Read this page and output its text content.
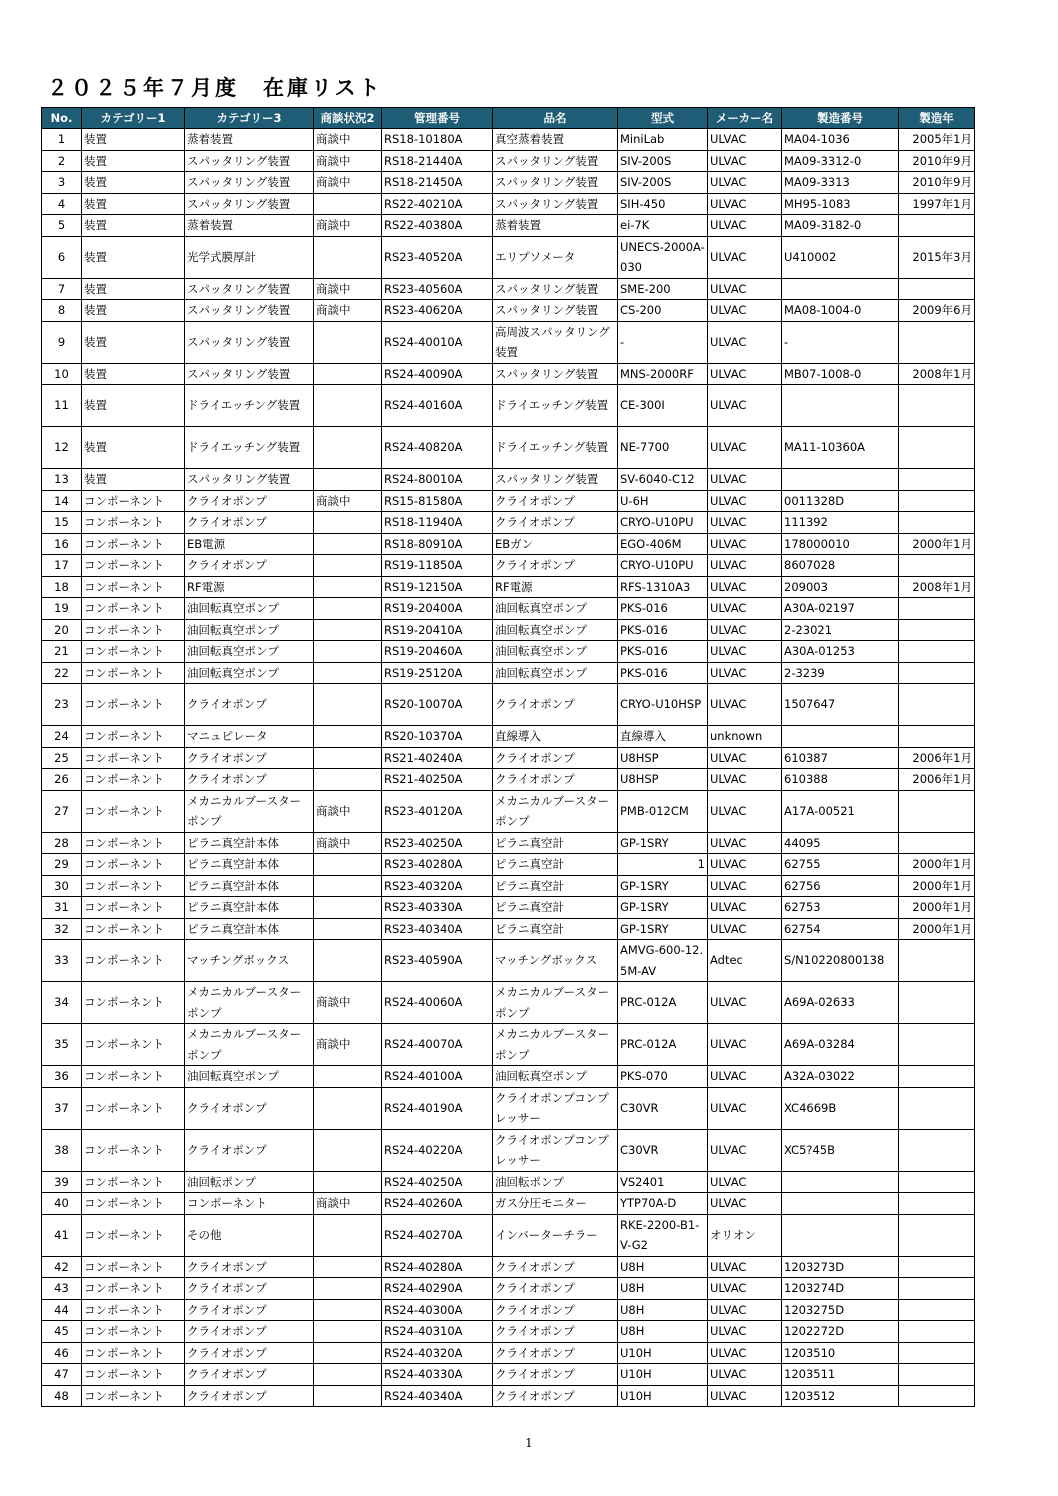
２０２５年７月度　在庫リスト
No.	カテゴリー1	カテゴリー3	商談状況2	管理番号	品名	型式	メーカー名	製造番号	製造年
1	装置	蒸着装置	商談中	RS18-10180A	真空蒸着装置	MiniLab	ULVAC	MA04-1036	2005年1月
2	装置	スパッタリング装置	商談中	RS18-21440A	スパッタリング装置	SIV-200S	ULVAC	MA09-3312-0	2010年9月
3	装置	スパッタリング装置	商談中	RS18-21450A	スパッタリング装置	SIV-200S	ULVAC	MA09-3313	2010年9月
4	装置	スパッタリング装置		RS22-40210A	スパッタリング装置	SIH-450	ULVAC	MH95-1083	1997年1月
5	装置	蒸着装置	商談中	RS22-40380A	蒸着装置	ei-7K	ULVAC	MA09-3182-0	
6	装置	光学式膜厚計		RS23-40520A	エリプソメータ	UNECS-2000A-030	ULVAC	U410002	2015年3月
7	装置	スパッタリング装置	商談中	RS23-40560A	スパッタリング装置	SME-200	ULVAC		
8	装置	スパッタリング装置	商談中	RS23-40620A	スパッタリング装置	CS-200	ULVAC	MA08-1004-0	2009年6月
9	装置	スパッタリング装置		RS24-40010A	高周波スパッタリング装置	-	ULVAC	-	
10	装置	スパッタリング装置		RS24-40090A	スパッタリング装置	MNS-2000RF	ULVAC	MB07-1008-0	2008年1月
11	装置	ドライエッチング装置		RS24-40160A	ドライエッチング装置	CE-300I	ULVAC		
12	装置	ドライエッチング装置		RS24-40820A	ドライエッチング装置	NE-7700	ULVAC	MA11-10360A	
13	装置	スパッタリング装置		RS24-80010A	スパッタリング装置	SV-6040-C12	ULVAC		
14	コンポーネント	クライオポンプ	商談中	RS15-81580A	クライオポンプ	U-6H	ULVAC	0011328D	
15	コンポーネント	クライオポンプ		RS18-11940A	クライオポンプ	CRYO-U10PU	ULVAC	111392	
16	コンポーネント	EB電源		RS18-80910A	EBガン	EGO-406M	ULVAC	178000010	2000年1月
17	コンポーネント	クライオポンプ		RS19-11850A	クライオポンプ	CRYO-U10PU	ULVAC	8607028	
18	コンポーネント	RF電源		RS19-12150A	RF電源	RFS-1310A3	ULVAC	209003	2008年1月
19	コンポーネント	油回転真空ポンプ		RS19-20400A	油回転真空ポンプ	PKS-016	ULVAC	A30A-02197	
20	コンポーネント	油回転真空ポンプ		RS19-20410A	油回転真空ポンプ	PKS-016	ULVAC	2-23021	
21	コンポーネント	油回転真空ポンプ		RS19-20460A	油回転真空ポンプ	PKS-016	ULVAC	A30A-01253	
22	コンポーネント	油回転真空ポンプ		RS19-25120A	油回転真空ポンプ	PKS-016	ULVAC	2-3239	
23	コンポーネント	クライオポンプ		RS20-10070A	クライオポンプ	CRYO-U10HSP	ULVAC	1507647	
24	コンポーネント	マニュピレータ		RS20-10370A	直線導入	直線導入	unknown		
25	コンポーネント	クライオポンプ		RS21-40240A	クライオポンプ	U8HSP	ULVAC	610387	2006年1月
26	コンポーネント	クライオポンプ		RS21-40250A	クライオポンプ	U8HSP	ULVAC	610388	2006年1月
27	コンポーネント	メカニカルブースターポンプ	商談中	RS23-40120A	メカニカルブースターポンプ	PMB-012CM	ULVAC	A17A-00521	
28	コンポーネント	ピラニ真空計本体	商談中	RS23-40250A	ピラニ真空計	GP-1SRY	ULVAC	44095	
29	コンポーネント	ピラニ真空計本体		RS23-40280A	ピラニ真空計	1	ULVAC	62755	2000年1月
30	コンポーネント	ピラニ真空計本体		RS23-40320A	ピラニ真空計	GP-1SRY	ULVAC	62756	2000年1月
31	コンポーネント	ピラニ真空計本体		RS23-40330A	ピラニ真空計	GP-1SRY	ULVAC	62753	2000年1月
32	コンポーネント	ピラニ真空計本体		RS23-40340A	ピラニ真空計	GP-1SRY	ULVAC	62754	2000年1月
33	コンポーネント	マッチングボックス		RS23-40590A	マッチングボックス	AMVG-600-12.5M-AV	Adtec	S/N10220800138	
34	コンポーネント	メカニカルブースターポンプ	商談中	RS24-40060A	メカニカルブースターポンプ	PRC-012A	ULVAC	A69A-02633	
35	コンポーネント	メカニカルブースターポンプ	商談中	RS24-40070A	メカニカルブースターポンプ	PRC-012A	ULVAC	A69A-03284	
36	コンポーネント	油回転真空ポンプ		RS24-40100A	油回転真空ポンプ	PKS-070	ULVAC	A32A-03022	
37	コンポーネント	クライオポンプ		RS24-40190A	クライオポンプコンプレッサー	C30VR	ULVAC	XC4669B	
38	コンポーネント	クライオポンプ		RS24-40220A	クライオポンプコンプレッサー	C30VR	ULVAC	XC5?45B	
39	コンポーネント	油回転ポンプ		RS24-40250A	油回転ポンプ	VS2401	ULVAC		
40	コンポーネント	コンポーネント	商談中	RS24-40260A	ガス分圧モニター	YTP70A-D	ULVAC		
41	コンポーネント	その他		RS24-40270A	インバーターチラー	RKE-2200-B1-V-G2	オリオン		
42	コンポーネント	クライオポンプ		RS24-40280A	クライオポンプ	U8H	ULVAC	1203273D	
43	コンポーネント	クライオポンプ		RS24-40290A	クライオポンプ	U8H	ULVAC	1203274D	
44	コンポーネント	クライオポンプ		RS24-40300A	クライオポンプ	U8H	ULVAC	1203275D	
45	コンポーネント	クライオポンプ		RS24-40310A	クライオポンプ	U8H	ULVAC	1202272D	
46	コンポーネント	クライオポンプ		RS24-40320A	クライオポンプ	U10H	ULVAC	1203510	
47	コンポーネント	クライオポンプ		RS24-40330A	クライオポンプ	U10H	ULVAC	1203511	
48	コンポーネント	クライオポンプ		RS24-40340A	クライオポンプ	U10H	ULVAC	1203512	
1
